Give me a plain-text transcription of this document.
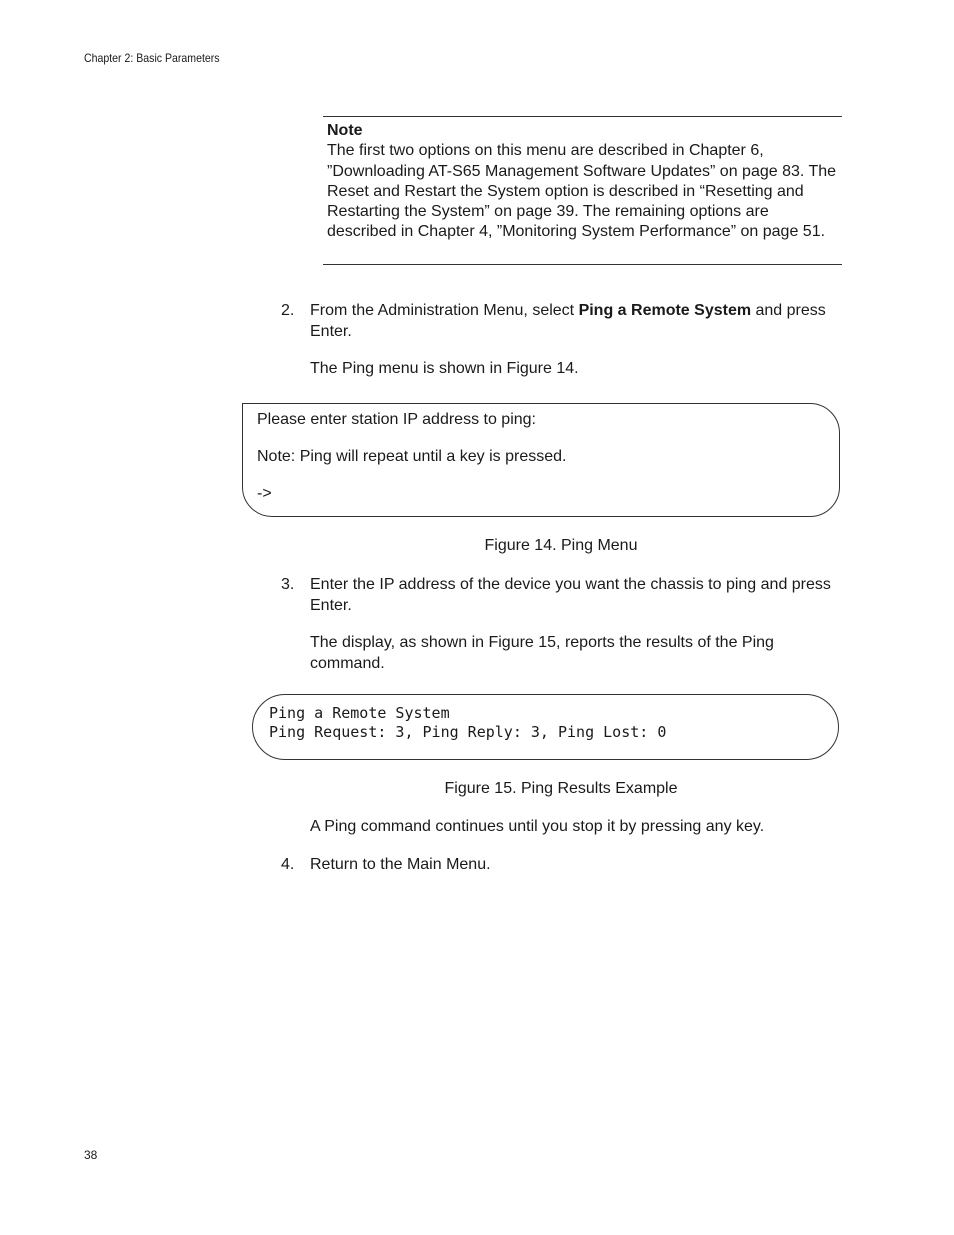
Chapter 2: Basic Parameters
Note
The first two options on this menu are described in Chapter 6, ”Downloading AT-S65 Management Software Updates” on page 83. The Reset and Restart the System option is described in “Resetting and Restarting the System” on page 39. The remaining options are described in Chapter 4, ”Monitoring System Performance” on page 51.
2. From the Administration Menu, select Ping a Remote System and press Enter.
The Ping menu is shown in Figure 14.
Please enter station IP address to ping:
Note: Ping will repeat until a key is pressed.
->
Figure 14. Ping Menu
3. Enter the IP address of the device you want the chassis to ping and press Enter.
The display, as shown in Figure 15, reports the results of the Ping command.
Ping a Remote System
Ping Request: 3, Ping Reply: 3, Ping Lost: 0
Figure 15. Ping Results Example
A Ping command continues until you stop it by pressing any key.
4. Return to the Main Menu.
38
